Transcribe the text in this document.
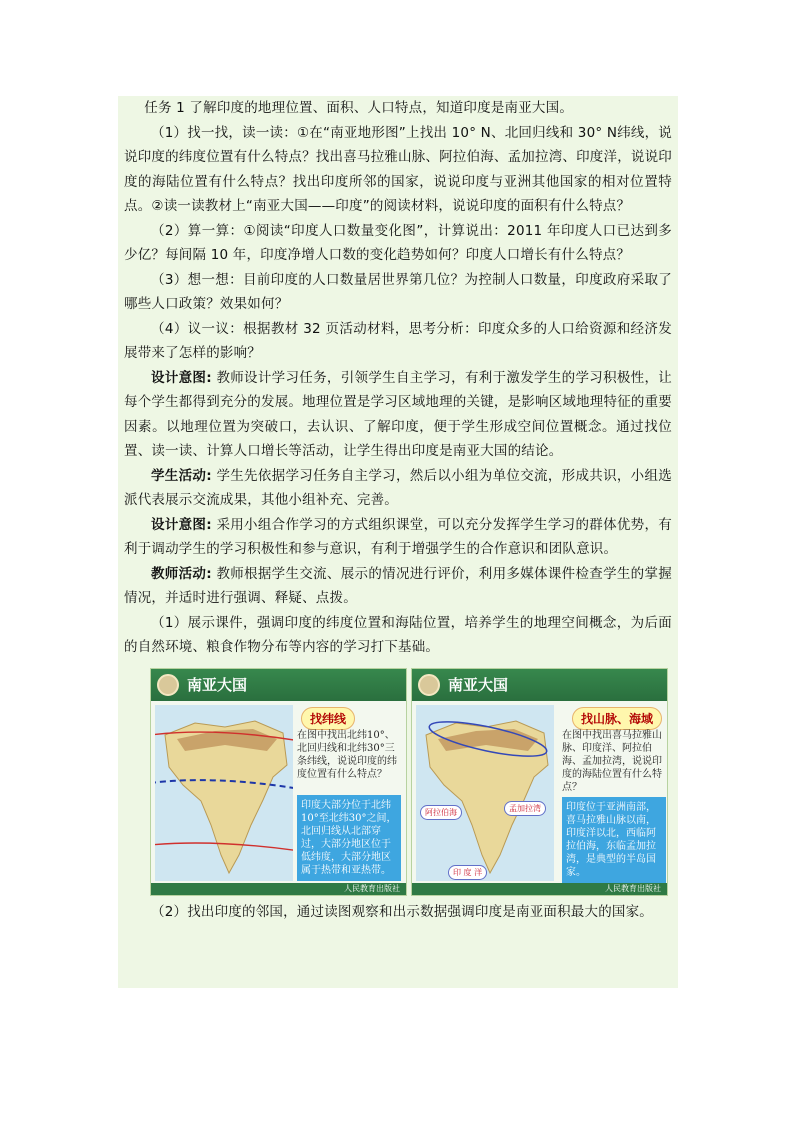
任务 1 了解印度的地理位置、面积、人口特点，知道印度是南亚大国。

（1）找一找，读一读：①在“南亚地形图”上找出 10° N、北回归线和 30° N纬线，说说印度的纬度位置有什么特点？找出喜马拉雅山脉、阿拉伯海、孟加拉湾、印度洋，说说印度的海陆位置有什么特点？找出印度所邻的国家，说说印度与亚洲其他国家的相对位置特点。②读一读教材上“南亚大国——印度”的阅读材料，说说印度的面积有什么特点？

（2）算一算：①阅读“印度人口数量变化图”，计算说出：2011 年印度人口已达到多少亿？每间隔 10 年，印度净增人口数的变化趋势如何？印度人口增长有什么特点？

（3）想一想：目前印度的人口数量居世界第几位？为控制人口数量，印度政府采取了哪些人口政策？效果如何？

（4）议一议：根据教材 32 页活动材料，思考分析：印度众多的人口给资源和经济发展带来了怎样的影响？

设计意图: 教师设计学习任务，引领学生自主学习，有利于激发学生的学习积极性，让每个学生都得到充分的发展。地理位置是学习区域地理的关键，是影响区域地理特征的重要因素。以地理位置为突破口，去认识、了解印度，便于学生形成空间位置概念。通过找位置、读一读、计算人口增长等活动，让学生得出印度是南亚大国的结论。

学生活动: 学生先依据学习任务自主学习，然后以小组为单位交流，形成共识，小组选派代表展示交流成果，其他小组补充、完善。

设计意图: 采用小组合作学习的方式组织课堂，可以充分发挥学生学习的群体优势，有利于调动学生的学习积极性和参与意识，有利于增强学生的合作意识和团队意识。

教师活动: 教师根据学生交流、展示的情况进行评价，利用多媒体课件检查学生的掌握情况，并适时进行强调、释疑、点拨。

（1）展示课件，强调印度的纬度位置和海陆位置，培养学生的地理空间概念，为后面的自然环境、粮食作物分布等内容的学习打下基础。

南亚大国
找纬线
在图中找出北纬10°、北回归线和北纬30°三条纬线，说说印度的纬度位置有什么特点？
印度大部分位于北纬10°至北纬30°之间，北回归线从北部穿过，大部分地区位于低纬度，大部分地区属于热带和亚热带。
人民教育出版社
南亚大国
阿拉伯海	孟加拉湾
印 度 洋
找山脉、海域
在图中找出喜马拉雅山脉、印度洋、阿拉伯海、孟加拉湾，说说印度的海陆位置有什么特点？
印度位于亚洲南部，喜马拉雅山脉以南，印度洋以北，西临阿拉伯海，东临孟加拉湾，是典型的半岛国家。
人民教育出版社

（2）找出印度的邻国，通过读图观察和出示数据强调印度是南亚面积最大的国家。
